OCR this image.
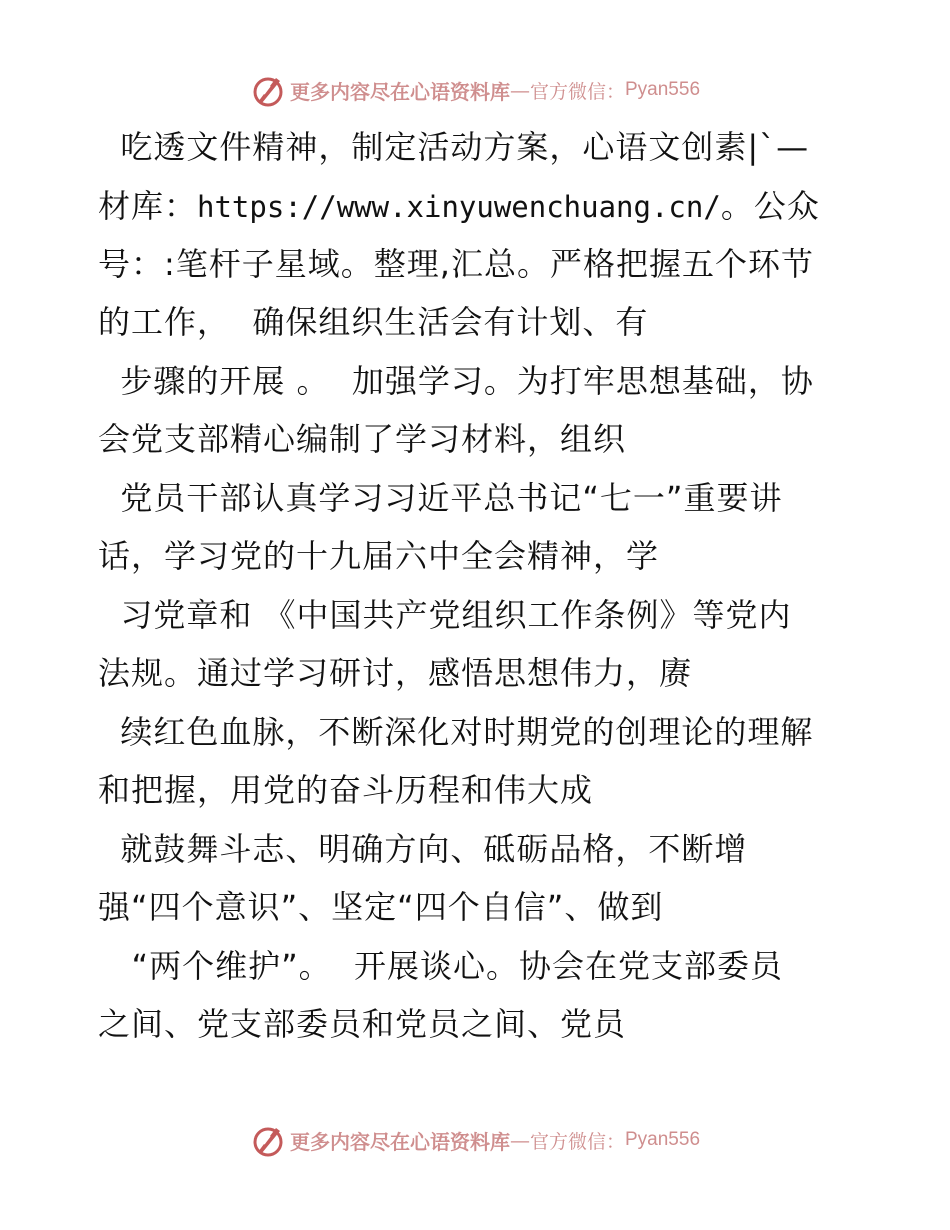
更多内容尽在心语资料库 — 官方微信： Pyan556
吃透文件精神，制定活动方案，心语文创素|`—
材库：https://www.xinyuwenchuang.cn/。公众
号：:笔杆子星域。整理,汇总。严格把握五个环节
的工作，  确保组织生活会有计划、有
步骤的开展 。  加强学习。为打牢思想基础，协
会党支部精心编制了学习材料，组织
党员干部认真学习习近平总书记“七一”重要讲
话，学习党的十九届六中全会精神，学
习党章和 《中国共产党组织工作条例》等党内
法规。通过学习研讨，感悟思想伟力，赓
续红色血脉，不断深化对时期党的创理论的理解
和把握，用党的奋斗历程和伟大成
就鼓舞斗志、明确方向、砥砺品格，不断增
强“四个意识”、坚定“四个自信”、做到
“两个维护”。  开展谈心。协会在党支部委员
之间、党支部委员和党员之间、党员
更多内容尽在心语资料库 — 官方微信： Pyan556
